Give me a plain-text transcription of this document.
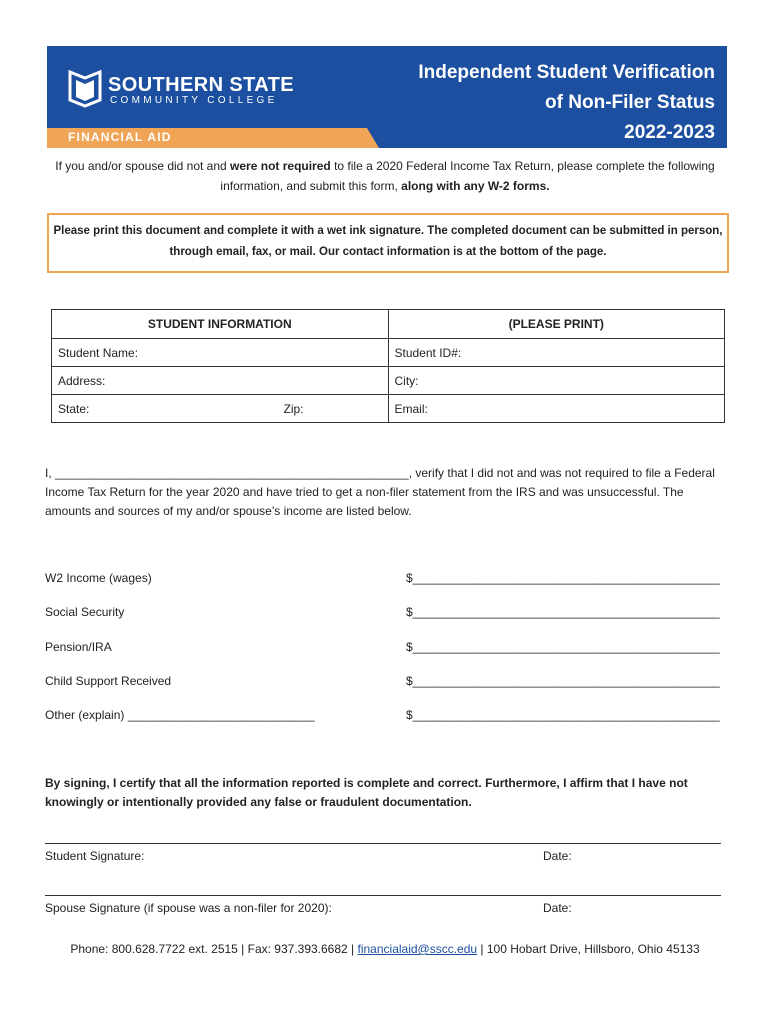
FINANCIAL AID
SOUTHERN STATE
COMMUNITY COLLEGE
Independent Student Verification
of Non-Filer Status
2022-2023
If you and/or spouse did not and were not required to file a 2020 Federal Income Tax Return, please complete the following information, and submit this form, along with any W-2 forms.
Please print this document and complete it with a wet ink signature. The completed document can be submitted in person, through email, fax, or mail. Our contact information is at the bottom of the page.
STUDENT INFORMATION	(PLEASE PRINT)
Student Name:	Student ID#:
Address:	City:
State: Zip:	Email:
I, _____________________________________________________, verify that I did not and was not required to file a Federal Income Tax Return for the year 2020 and have tried to get a non-filer statement from the IRS and was unsuccessful. The amounts and sources of my and/or spouse’s income are listed below.
W2 Income (wages)	$______________________________________________
Social Security	$______________________________________________
Pension/IRA	$______________________________________________
Child Support Received	$______________________________________________
Other (explain) ____________________________	$______________________________________________
By signing, I certify that all the information reported is complete and correct. Furthermore, I affirm that I have not knowingly or intentionally provided any false or fraudulent documentation.
Student Signature:	Date:
Spouse Signature (if spouse was a non-filer for 2020):	Date:
Phone: 800.628.7722 ext. 2515 | Fax: 937.393.6682 | financialaid@sscc.edu | 100 Hobart Drive, Hillsboro, Ohio 45133
